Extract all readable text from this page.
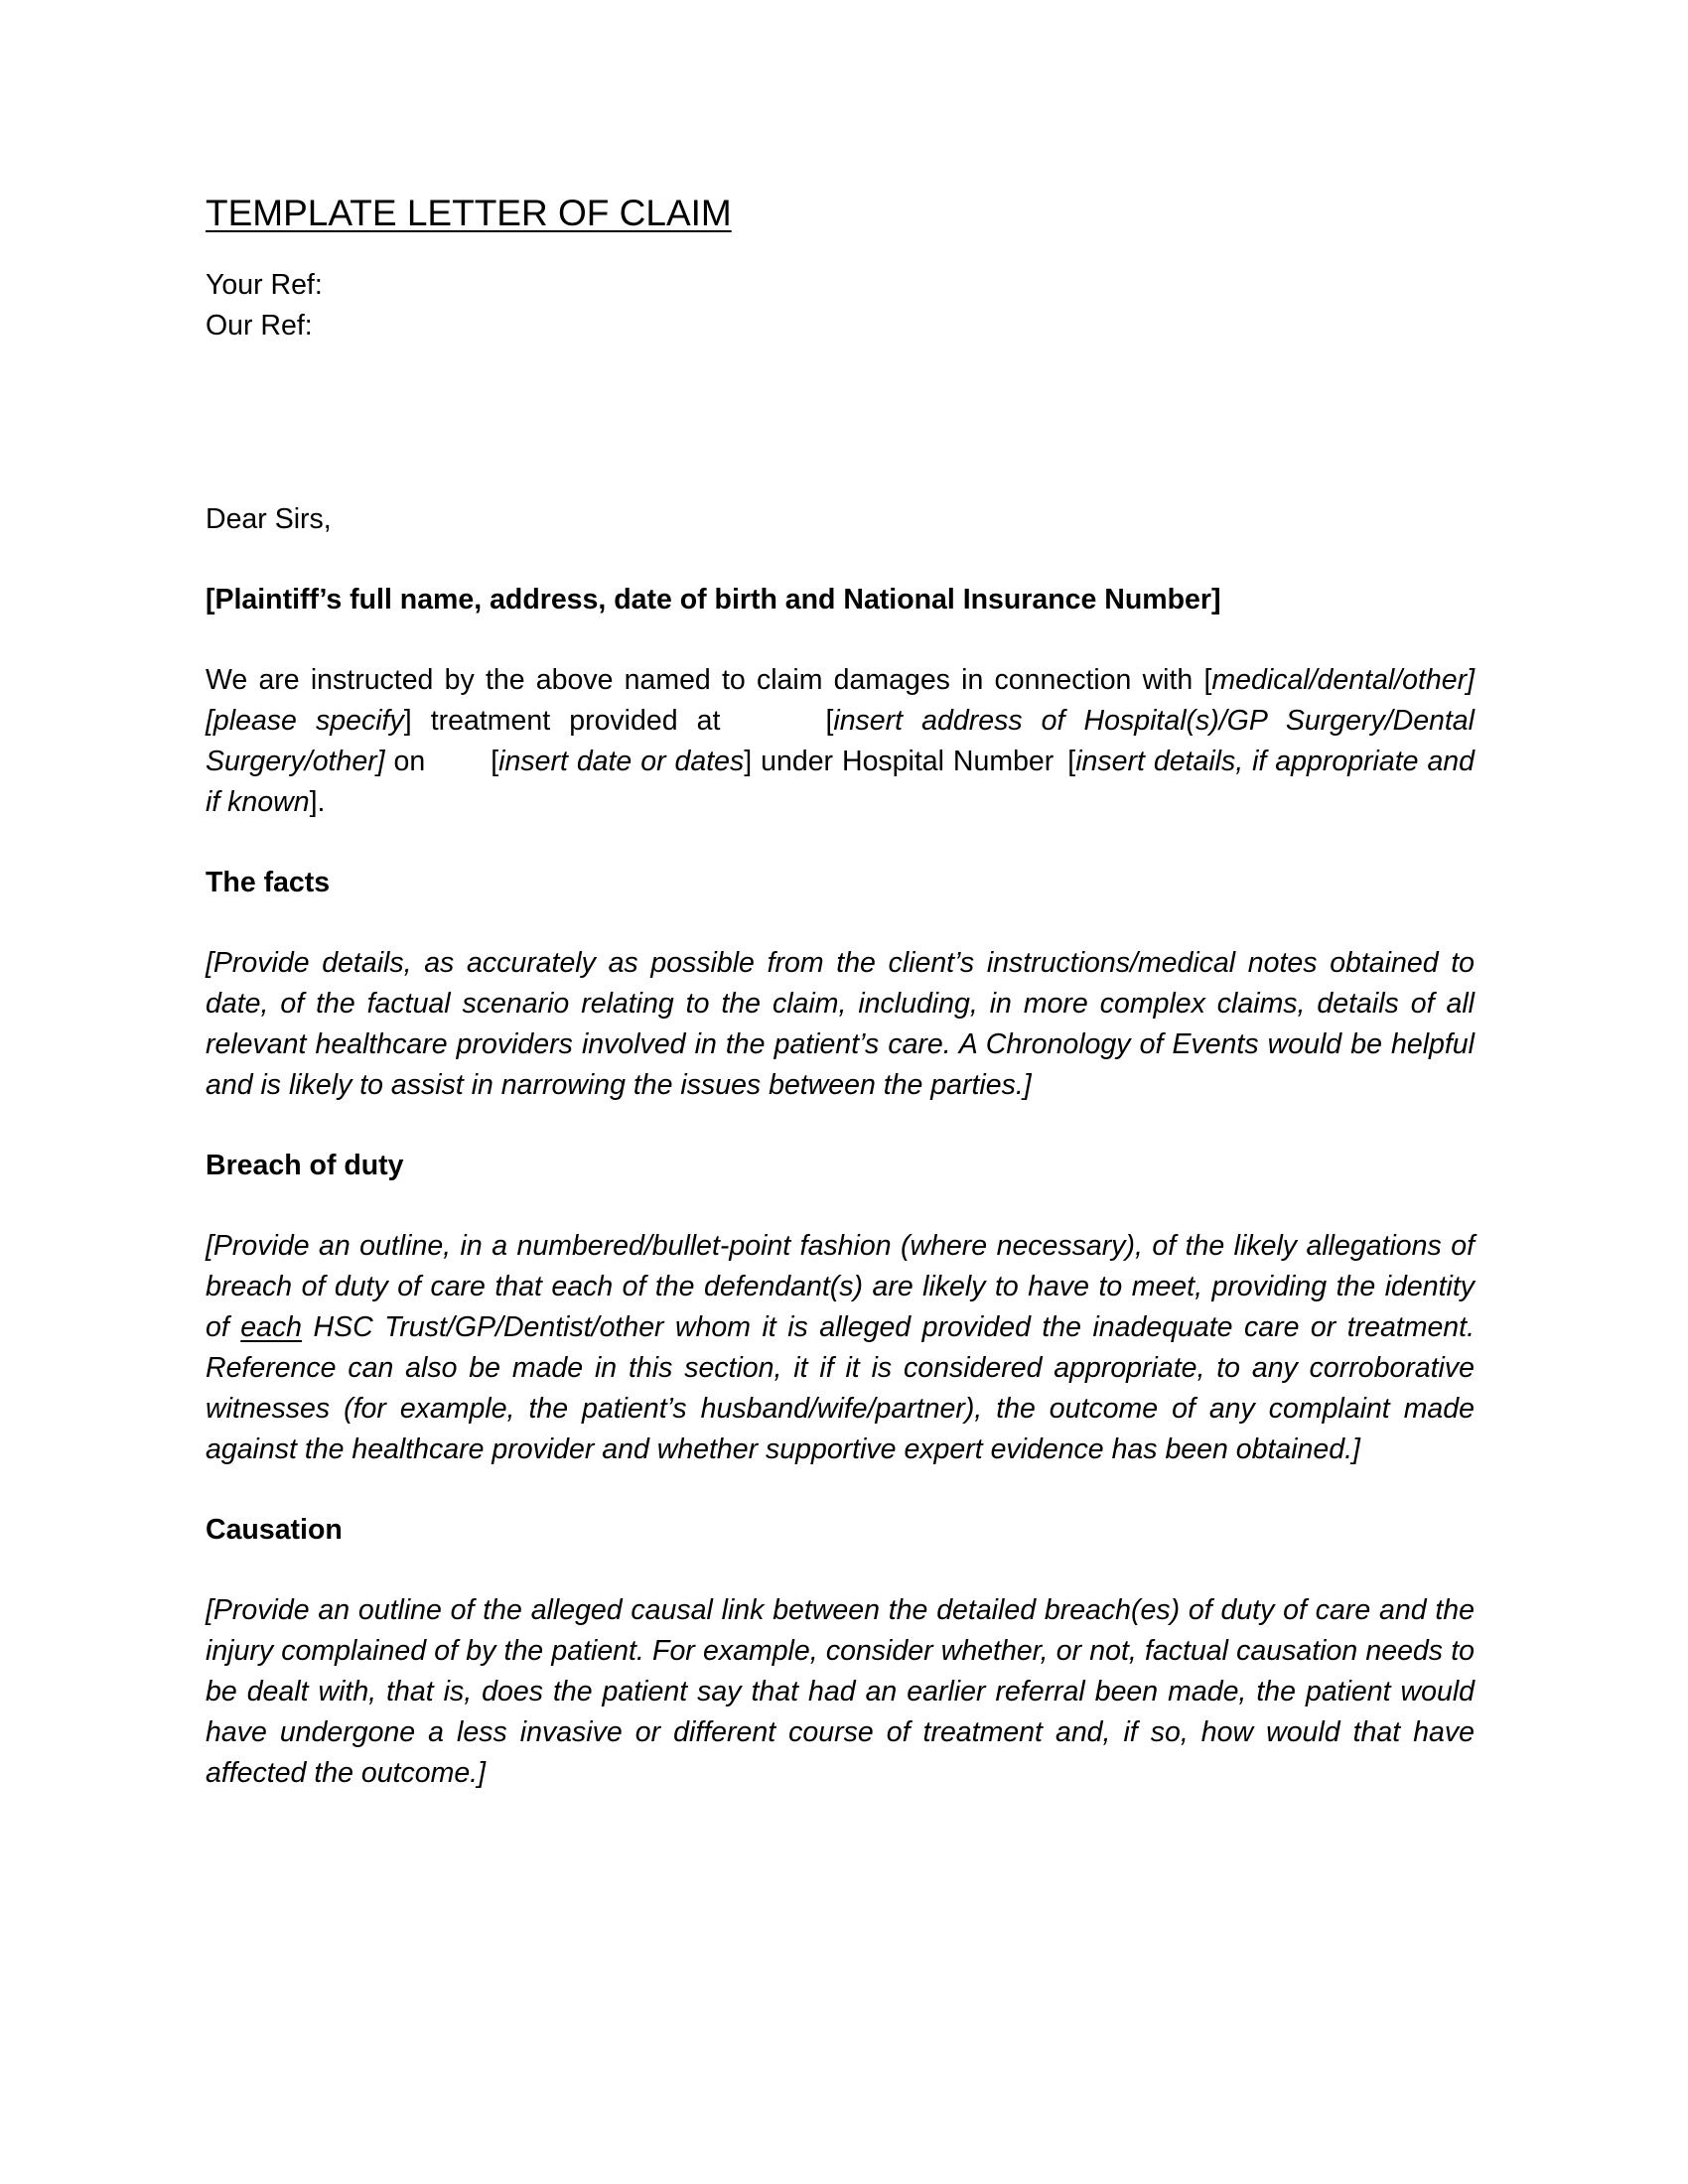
TEMPLATE LETTER OF CLAIM

Your Ref:

Our Ref:

Dear Sirs,

[Plaintiff’s full name, address, date of birth and National Insurance Number]

We are instructed by the above named to claim damages in connection with [medical/dental/other] [please specify] treatment provided at	[insert address of Hospital(s)/GP Surgery/Dental Surgery/other] on [insert date or dates] under Hospital Number [insert details, if appropriate and if known].

The facts

[Provide details, as accurately as possible from the client’s instructions/medical notes obtained to date, of the factual scenario relating to the claim, including, in more complex claims, details of all relevant healthcare providers involved in the patient’s care. A Chronology of Events would be helpful and is likely to assist in narrowing the issues between the parties.]

Breach of duty

[Provide an outline, in a numbered/bullet-point fashion (where necessary), of the likely allegations of breach of duty of care that each of the defendant(s) are likely to have to meet, providing the identity of each HSC Trust/GP/Dentist/other whom it is alleged provided the inadequate care or treatment. Reference can also be made in this section, it if it is considered appropriate, to any corroborative witnesses (for example, the patient’s husband/wife/partner), the outcome of any complaint made against the healthcare provider and whether supportive expert evidence has been obtained.]

Causation

[Provide an outline of the alleged causal link between the detailed breach(es) of duty of care and the injury complained of by the patient. For example, consider whether, or not, factual causation needs to be dealt with, that is, does the patient say that had an earlier referral been made, the patient would have undergone a less invasive or different course of treatment and, if so, how would that have affected the outcome.]
